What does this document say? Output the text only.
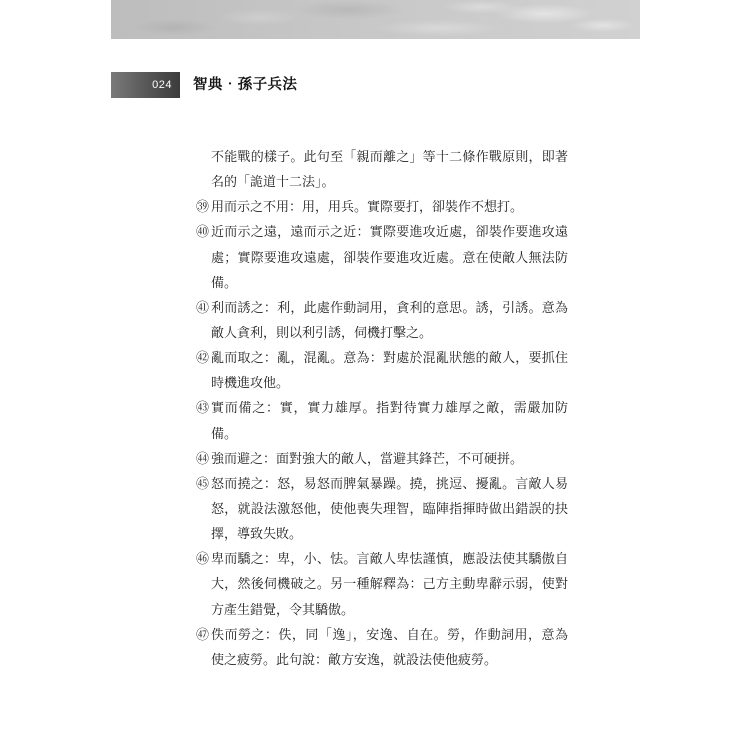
024 智典‧孫子兵法
不能戰的樣子。此句至「親而離之」等十二條作戰原則，即著
名的「詭道十二法」。
㊴ 用而示之不用：用，用兵。實際要打，卻裝作不想打。
㊵ 近而示之遠，遠而示之近：實際要進攻近處，卻裝作要進攻遠
處；實際要進攻遠處，卻裝作要進攻近處。意在使敵人無法防
備。
㊶ 利而誘之：利，此處作動詞用，貪利的意思。誘，引誘。意為
敵人貪利，則以利引誘，伺機打擊之。
㊷ 亂而取之：亂，混亂。意為：對處於混亂狀態的敵人，要抓住
時機進攻他。
㊸ 實而備之：實，實力雄厚。指對待實力雄厚之敵，需嚴加防
備。
㊹ 強而避之：面對強大的敵人，當避其鋒芒，不可硬拼。
㊺ 怒而撓之：怒，易怒而脾氣暴躁。撓，挑逗、擾亂。言敵人易
怒，就設法激怒他，使他喪失理智，臨陣指揮時做出錯誤的抉
擇，導致失敗。
㊻ 卑而驕之：卑，小、怯。言敵人卑怯謹慎，應設法使其驕傲自
大，然後伺機破之。另一種解釋為：己方主動卑辭示弱，使對
方產生錯覺，令其驕傲。
㊼ 佚而勞之：佚，同「逸」，安逸、自在。勞，作動詞用，意為
使之疲勞。此句說：敵方安逸，就設法使他疲勞。
